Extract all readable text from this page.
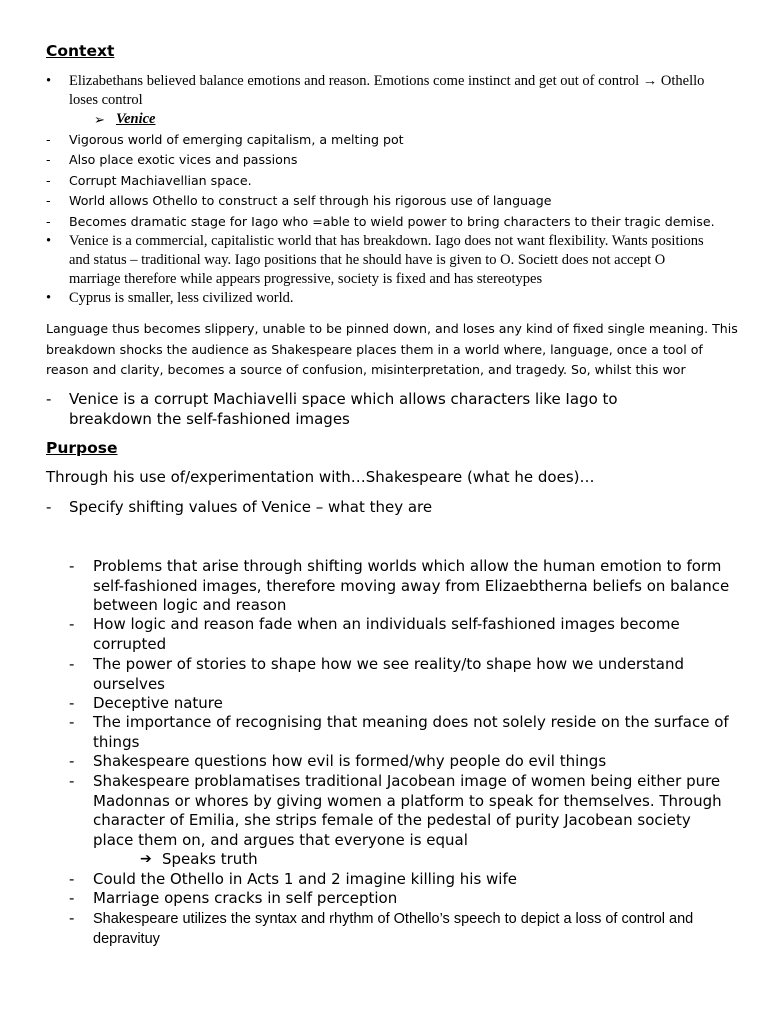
Context
• Elizabethans believed balance emotions and reason. Emotions come instinct and get out of control → Othello loses control
➢ Venice
- Vigorous world of emerging capitalism, a melting pot
- Also place exotic vices and passions
- Corrupt Machiavellian space.
- World allows Othello to construct a self through his rigorous use of language
- Becomes dramatic stage for Iago who =able to wield power to bring characters to their tragic demise.
• Venice is a commercial, capitalistic world that has breakdown. Iago does not want flexibility. Wants positions and status – traditional way. Iago positions that he should have is given to O. Societt does not accept O marriage therefore while appears progressive, society is fixed and has stereotypes
• Cyprus is smaller, less civilized world.
Language thus becomes slippery, unable to be pinned down, and loses any kind of fixed single meaning. This breakdown shocks the audience as Shakespeare places them in a world where, language, once a tool of reason and clarity, becomes a source of confusion, misinterpretation, and tragedy. So, whilst this wor
- Venice is a corrupt Machiavelli space which allows characters like Iago to breakdown the self-fashioned images
Purpose
Through his use of/experimentation with…Shakespeare (what he does)…
- Specify shifting values of Venice – what they are
- Problems that arise through shifting worlds which allow the human emotion to form self-fashioned images, therefore moving away from Elizaebtherna beliefs on balance between logic and reason
- How logic and reason fade when an individuals self-fashioned images become corrupted
- The power of stories to shape how we see reality/to shape how we understand ourselves
- Deceptive nature
- The importance of recognising that meaning does not solely reside on the surface of things
- Shakespeare questions how evil is formed/why people do evil things
- Shakespeare problamatises traditional Jacobean image of women being either pure Madonnas or whores by giving women a platform to speak for themselves. Through character of Emilia, she strips female of the pedestal of purity Jacobean society place them on, and argues that everyone is equal
➔ Speaks truth
- Could the Othello in Acts 1 and 2 imagine killing his wife
- Marriage opens cracks in self perception
- Shakespeare utilizes the syntax and rhythm of Othello’s speech to depict a loss of control and depravituy
